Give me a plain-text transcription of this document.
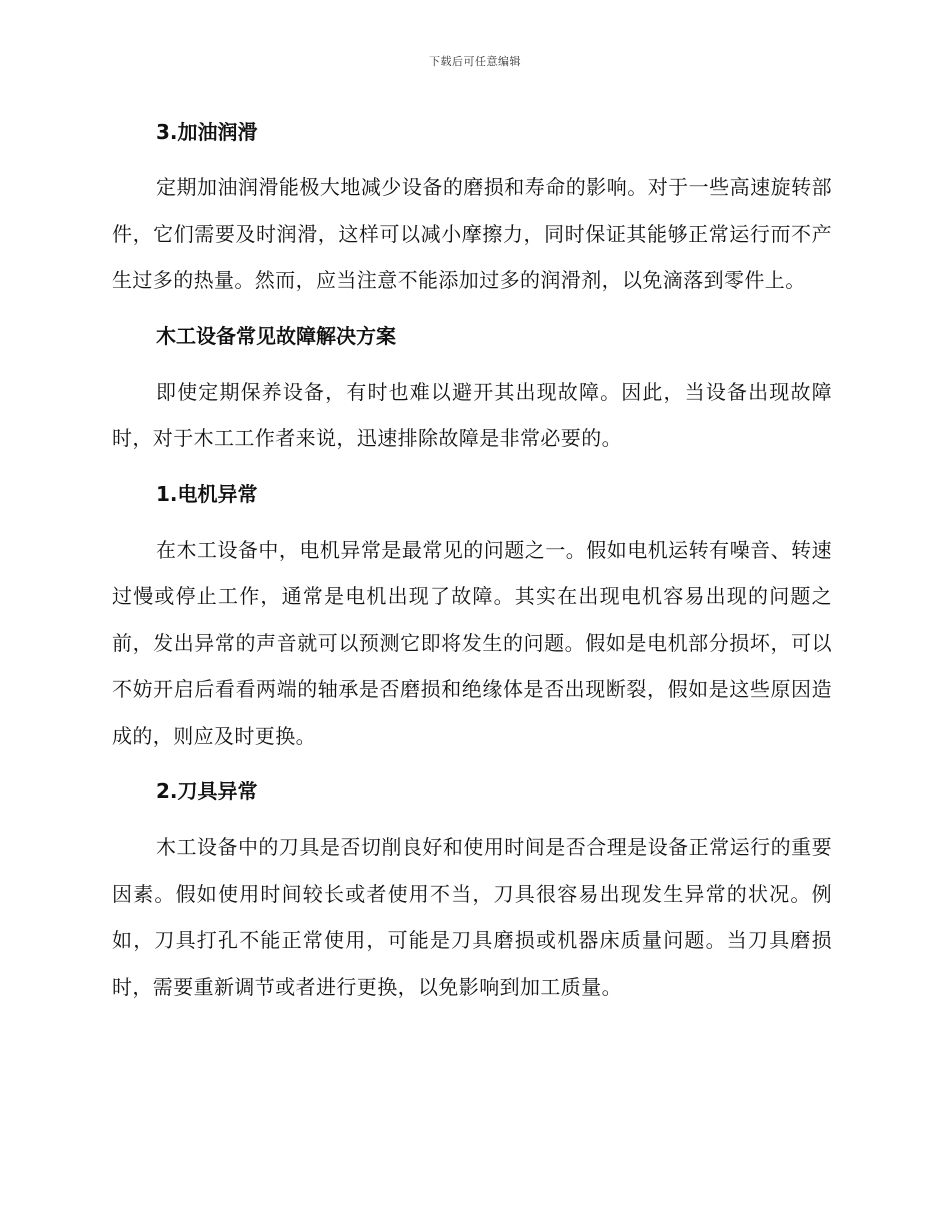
下载后可任意编辑

3.加油润滑

定期加油润滑能极大地减少设备的磨损和寿命的影响。对于一些高速旋转部件，它们需要及时润滑，这样可以减小摩擦力，同时保证其能够正常运行而不产生过多的热量。然而，应当注意不能添加过多的润滑剂，以免滴落到零件上。

木工设备常见故障解决方案

即使定期保养设备，有时也难以避开其出现故障。因此，当设备出现故障时，对于木工工作者来说，迅速排除故障是非常必要的。

1.电机异常

在木工设备中，电机异常是最常见的问题之一。假如电机运转有噪音、转速过慢或停止工作，通常是电机出现了故障。其实在出现电机容易出现的问题之前，发出异常的声音就可以预测它即将发生的问题。假如是电机部分损坏，可以不妨开启后看看两端的轴承是否磨损和绝缘体是否出现断裂，假如是这些原因造成的，则应及时更换。

2.刀具异常

木工设备中的刀具是否切削良好和使用时间是否合理是设备正常运行的重要因素。假如使用时间较长或者使用不当，刀具很容易出现发生异常的状况。例如，刀具打孔不能正常使用，可能是刀具磨损或机器床质量问题。当刀具磨损时，需要重新调节或者进行更换，以免影响到加工质量。
